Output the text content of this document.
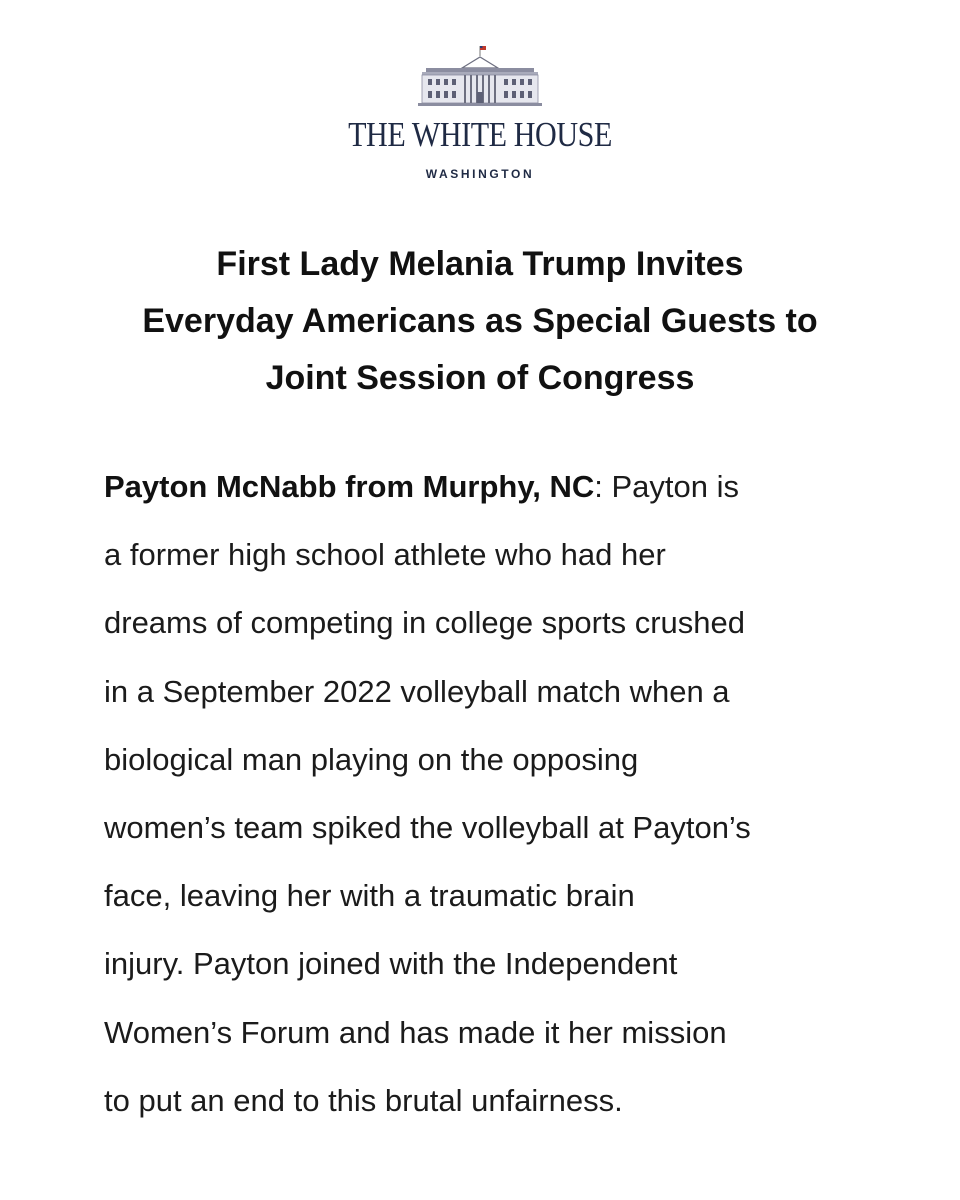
THE WHITE HOUSE
WASHINGTON
First Lady Melania Trump Invites
Everyday Americans as Special Guests to
Joint Session of Congress

Payton McNabb from Murphy, NC: Payton is
a former high school athlete who had her
dreams of competing in college sports crushed
in a September 2022 volleyball match when a
biological man playing on the opposing
women’s team spiked the volleyball at Payton’s
face, leaving her with a traumatic brain
injury. Payton joined with the Independent
Women’s Forum and has made it her mission
to put an end to this brutal unfairness.
